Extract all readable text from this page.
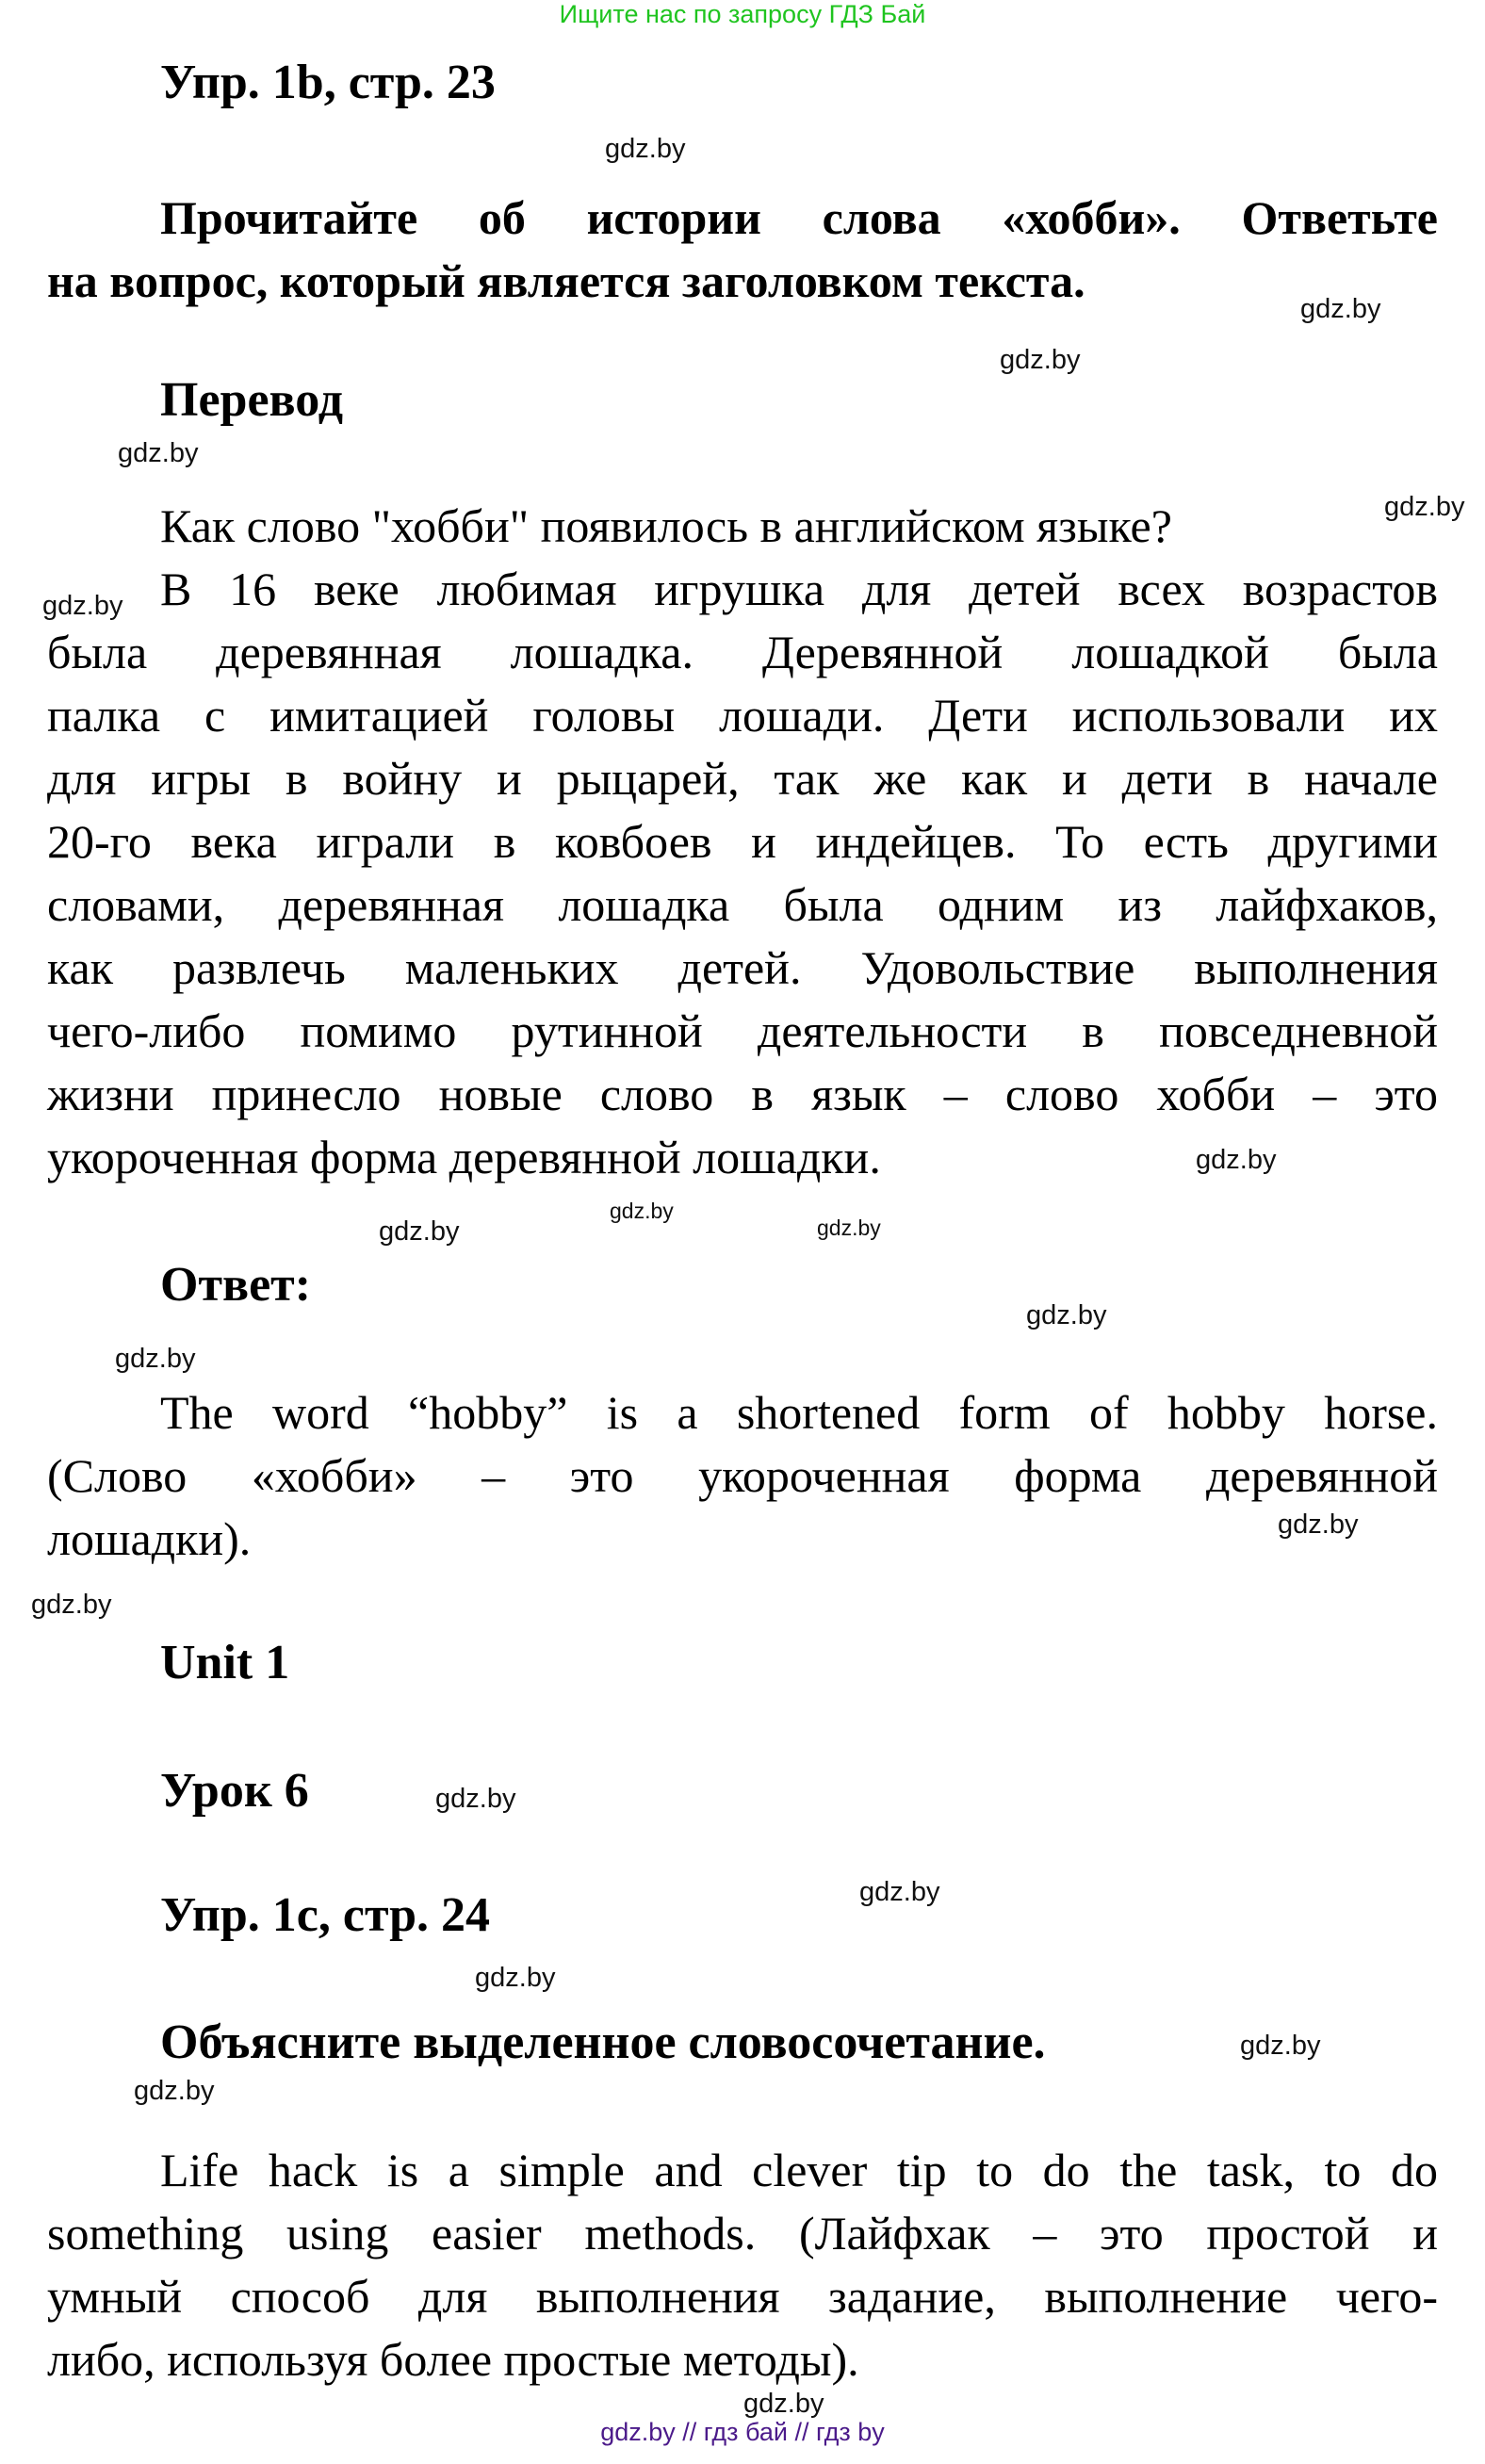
Ищите нас по запросу ГДЗ Бай
Упр. 1b, стр. 23
Прочитайте об истории слова «хобби». Ответьте
на вопрос, который является заголовком текста.
Перевод
Как слово "хобби" появилось в английском языке?
В 16 веке любимая игрушка для детей всех возрастов
была деревянная лошадка. Деревянной лошадкой была
палка с имитацией головы лошади. Дети использовали их
для игры в войну и рыцарей, так же как и дети в начале
20-го века играли в ковбоев и индейцев. То есть другими
словами, деревянная лошадка была одним из лайфхаков,
как развлечь маленьких детей. Удовольствие выполнения
чего-либо помимо рутинной деятельности в повседневной
жизни принесло новые слово в язык – слово хобби – это
укороченная форма деревянной лошадки.
Ответ:
The word “hobby” is a shortened form of hobby horse.
(Слово «хобби» – это укороченная форма деревянной
лошадки).
Unit 1
Урок 6
Упр. 1c, стр. 24
Объясните выделенное словосочетание.
Life hack is a simple and clever tip to do the task, to do
something using easier methods. (Лайфхак – это простой и
умный способ для выполнения задание, выполнение чего-
либо, используя более простые методы).
gdz.by
gdz.by
gdz.by
gdz.by
gdz.by
gdz.by
gdz.by
gdz.by
gdz.by
gdz.by
gdz.by
gdz.by
gdz.by
gdz.by
gdz.by
gdz.by
gdz.by
gdz.by
gdz.by
gdz.by
gdz.by // гдз бай // гдз by
